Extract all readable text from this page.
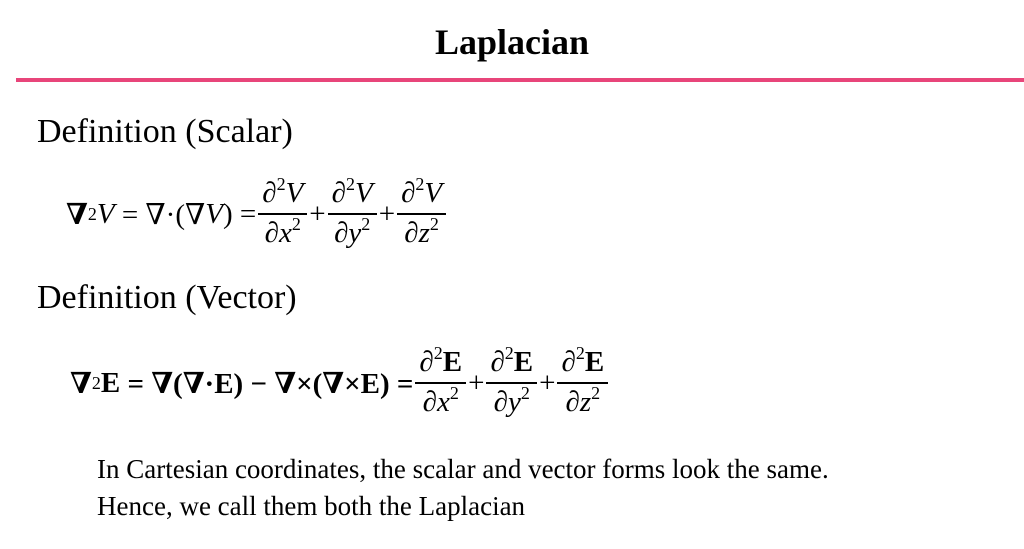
Laplacian
Definition (Scalar)
∇ 2 V = ∇·(∇ V ) = $\frac{\partial^2V}{\partial x^2} + \frac{\partial^2V}{\partial y^2} + \frac{\partial^2V}{\partial z^2}$
Definition (Vector)
∇ 2 $E = \nabla(\nabla\cdot E) - \nabla\times(\nabla\times E) = \frac{\partial^2E}{\partial x^2} + \frac{\partial^2E}{\partial y^2} + \frac{\partial^2E}{\partial z^2}$
In Cartesian coordinates, the scalar and vector forms look the same.
Hence, we call them both the Laplacian
